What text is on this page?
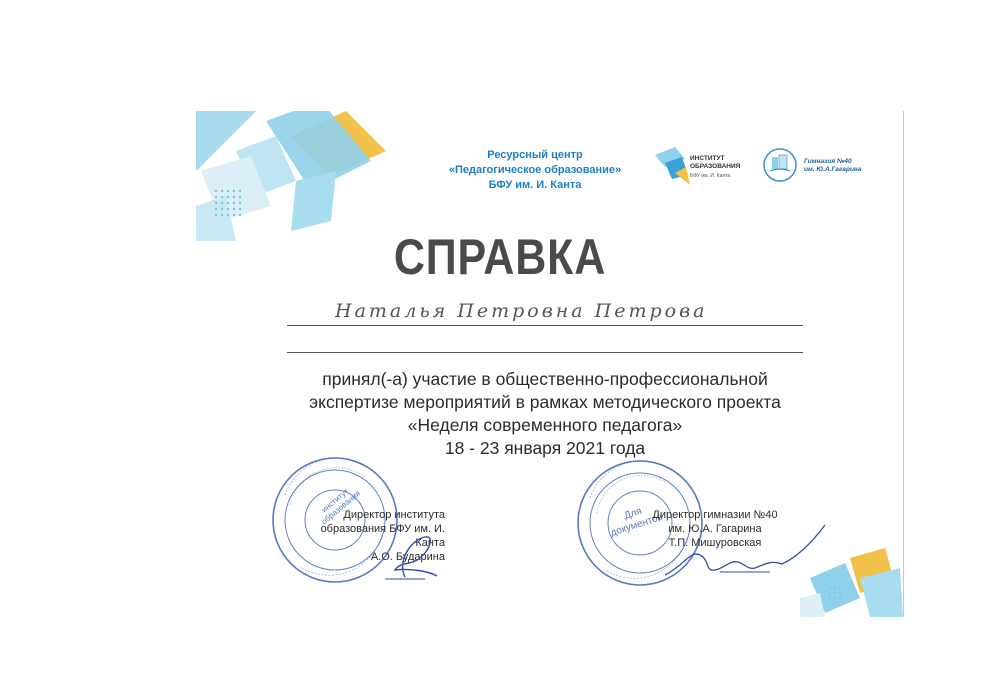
Ресурсный центр «Педагогическое образование» БФУ им. И. Канта
ИНСТИТУТ ОБРАЗОВАНИЯ
БФУ им. И. Канта
Гимназия №40 им. Ю.А.Гагарина
СПРАВКА
Наталья Петровна Петрова
принял(-а) участие в общественно-профессиональной
экспертизе мероприятий в рамках методического проекта
«Неделя современного педагога»
18 - 23 января 2021 года
институт образования	Для документов
Директор института
образования БФУ им. И. Канта
А.О. Бударина
Директор гимназии №40
им. Ю.А. Гагарина
Т.П. Мишуровская
